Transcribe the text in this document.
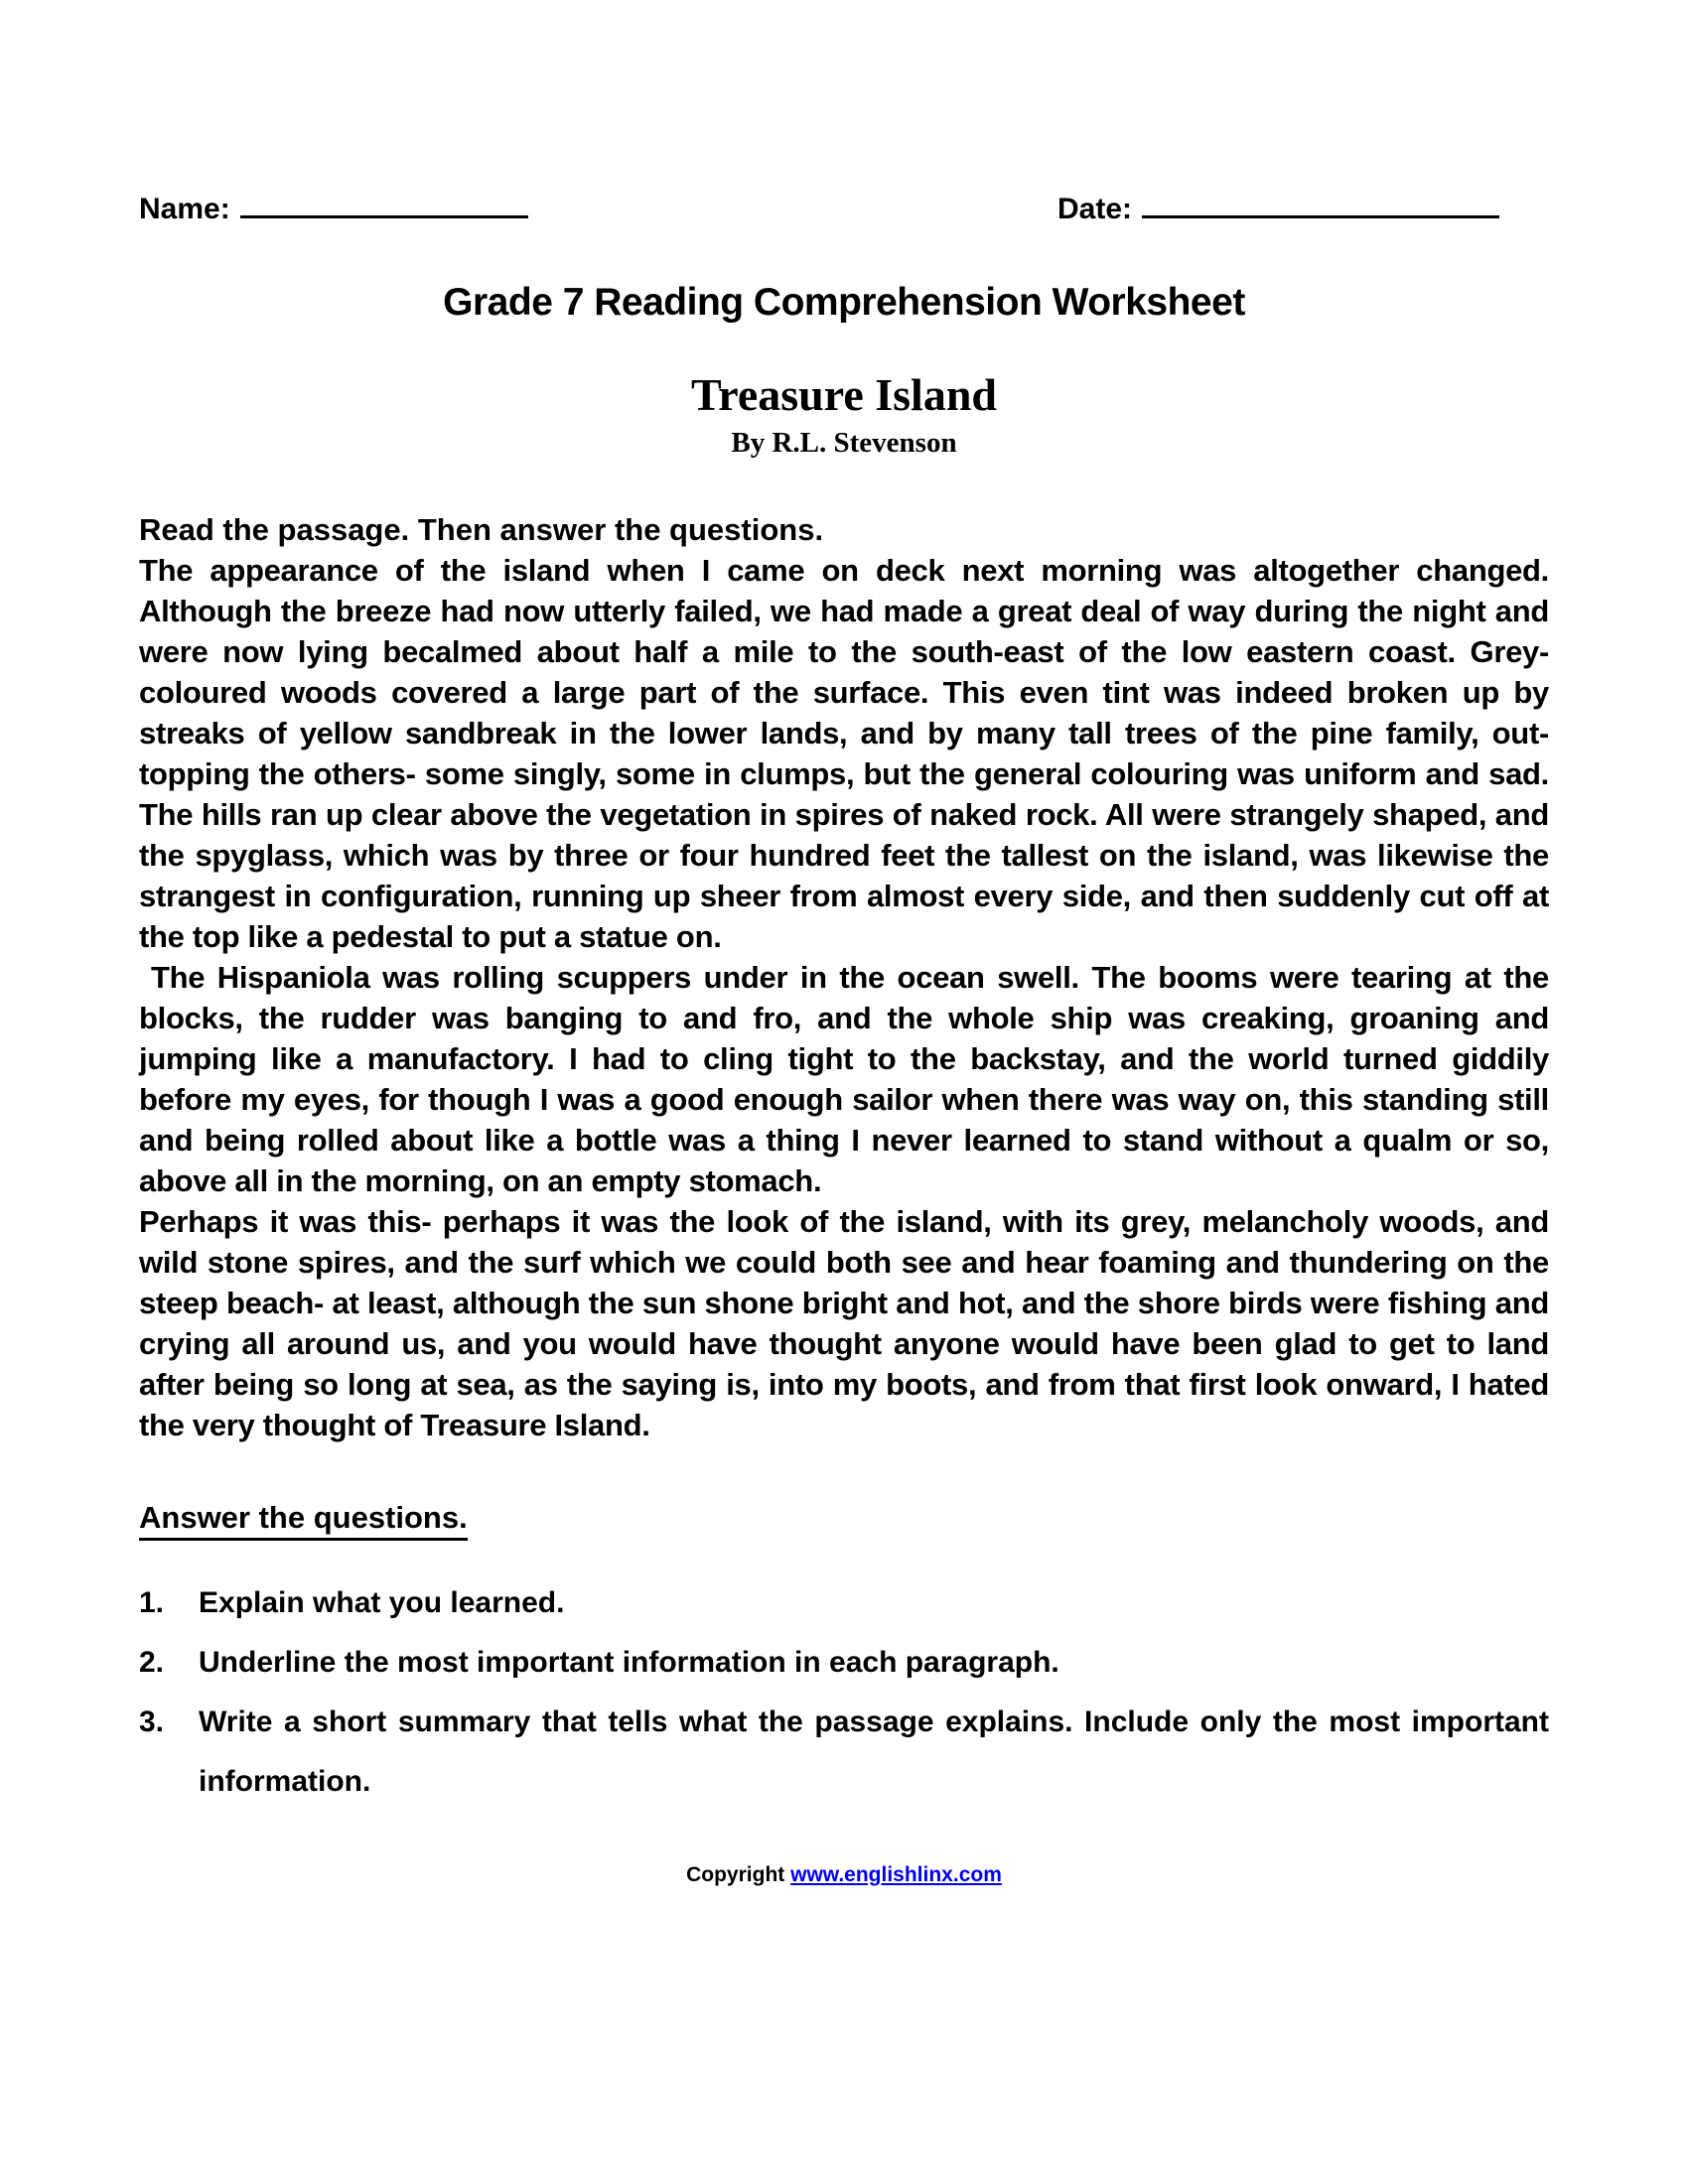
Name:	Date:
Grade 7 Reading Comprehension Worksheet
Treasure Island
By R.L. Stevenson
Read the passage. Then answer the questions.

The appearance of the island when I came on deck next morning was altogether changed. Although the breeze had now utterly failed, we had made a great deal of way during the night and were now lying becalmed about half a mile to the south-east of the low eastern coast. Grey-coloured woods covered a large part of the surface. This even tint was indeed broken up by streaks of yellow sandbreak in the lower lands, and by many tall trees of the pine family, out-topping the others- some singly, some in clumps, but the general colouring was uniform and sad. The hills ran up clear above the vegetation in spires of naked rock. All were strangely shaped, and the spyglass, which was by three or four hundred feet the tallest on the island, was likewise the strangest in configuration, running up sheer from almost every side, and then suddenly cut off at the top like a pedestal to put a statue on.

The Hispaniola was rolling scuppers under in the ocean swell. The booms were tearing at the blocks, the rudder was banging to and fro, and the whole ship was creaking, groaning and jumping like a manufactory. I had to cling tight to the backstay, and the world turned giddily before my eyes, for though I was a good enough sailor when there was way on, this standing still and being rolled about like a bottle was a thing I never learned to stand without a qualm or so, above all in the morning, on an empty stomach.

Perhaps it was this- perhaps it was the look of the island, with its grey, melancholy woods, and wild stone spires, and the surf which we could both see and hear foaming and thundering on the steep beach- at least, although the sun shone bright and hot, and the shore birds were fishing and crying all around us, and you would have thought anyone would have been glad to get to land after being so long at sea, as the saying is, into my boots, and from that first look onward, I hated the very thought of Treasure Island.

Answer the questions.
1.	Explain what you learned.
2.	Underline the most important information in each paragraph.
3.	Write a short summary that tells what the passage explains. Include only the most important information.
Copyright www.englishlinx.com
